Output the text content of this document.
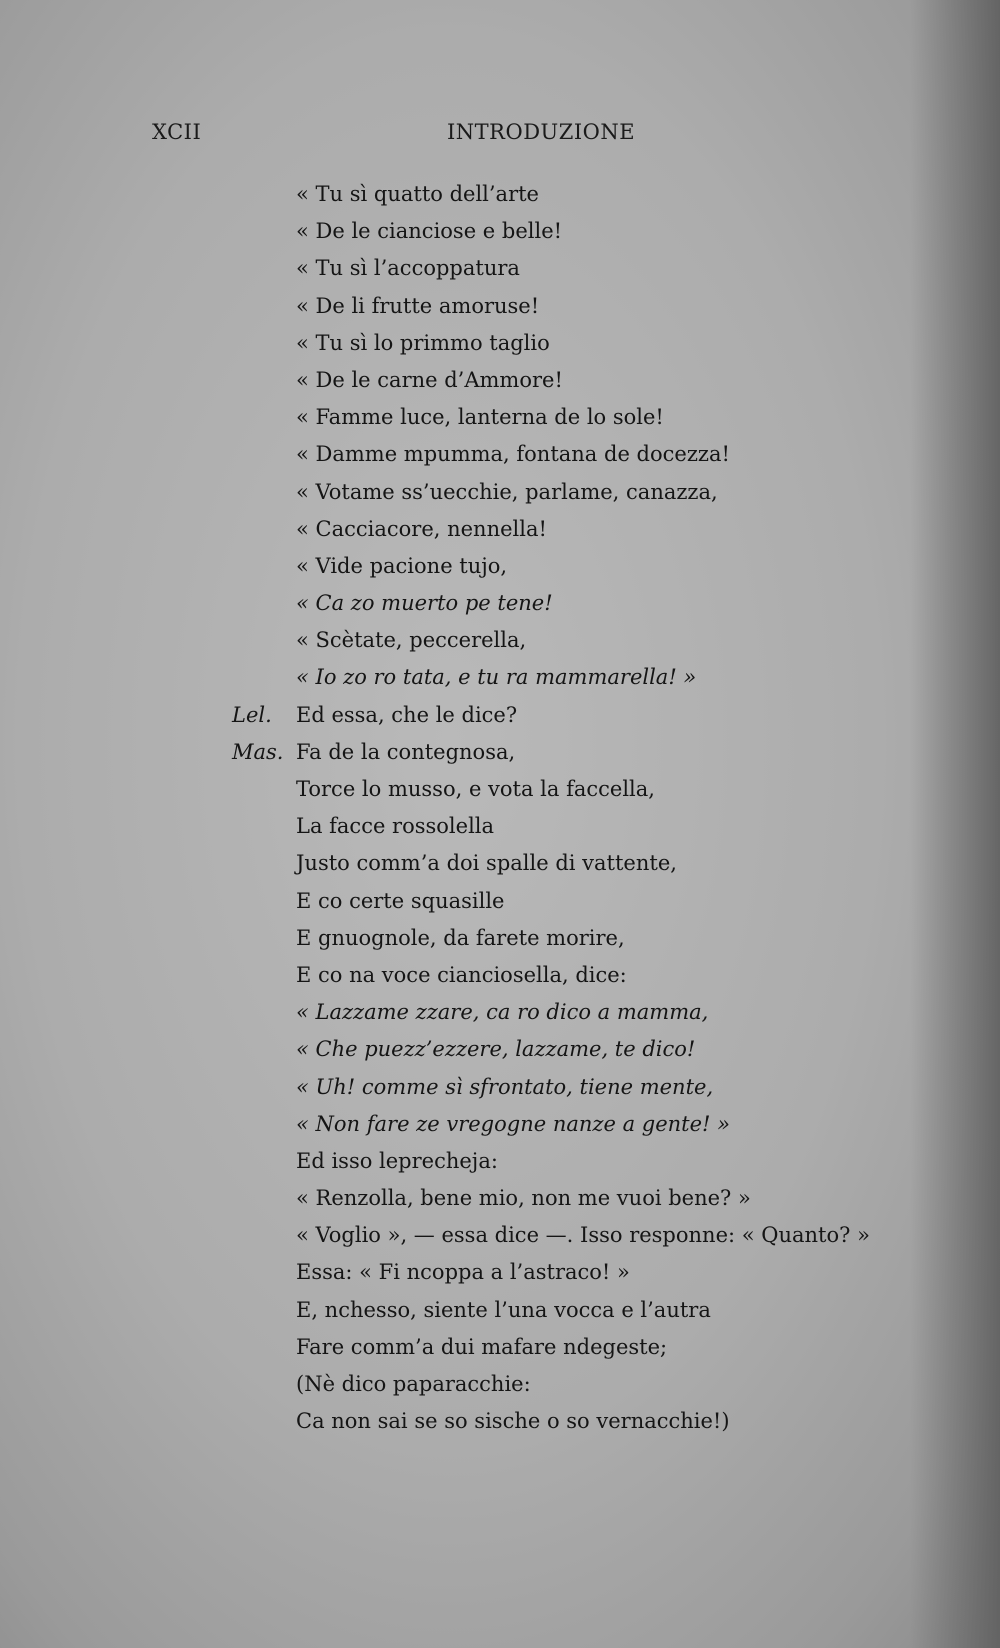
XCII	INTRODUZIONE
« Tu sì quatto dell’arte
« De le cianciose e belle!
« Tu sì l’accoppatura
« De li frutte amoruse!
« Tu sì lo primmo taglio
« De le carne d’Ammore!
« Famme luce, lanterna de lo sole!
« Damme mpumma, fontana de docezza!
« Votame ss’uecchie, parlame, canazza,
« Cacciacore, nennella!
« Vide pacione tujo,
« Ca zo muerto pe tene!
« Scètate, peccerella,
« Io zo ro tata, e tu ra mammarella! »
Lel. Ed essa, che le dice?
Mas. Fa de la contegnosa,
Torce lo musso, e vota la faccella,
La facce rossolella
Justo comm’a doi spalle di vattente,
E co certe squasille
E gnuognole, da farete morire,
E co na voce cianciosella, dice:
« Lazzame zzare, ca ro dico a mamma,
« Che puezz’ezzere, lazzame, te dico!
« Uh! comme sì sfrontato, tiene mente,
« Non fare ze vregogne nanze a gente! »
Ed isso leprecheja:
« Renzolla, bene mio, non me vuoi bene? »
« Voglio », — essa dice —. Isso responne: « Quanto? »
Essa: « Fi ncoppa a l’astraco! »
E, nchesso, siente l’una vocca e l’autra
Fare comm’a dui mafare ndegeste;
(Nè dico paparacchie:
Ca non sai se so sische o so vernacchie!)
